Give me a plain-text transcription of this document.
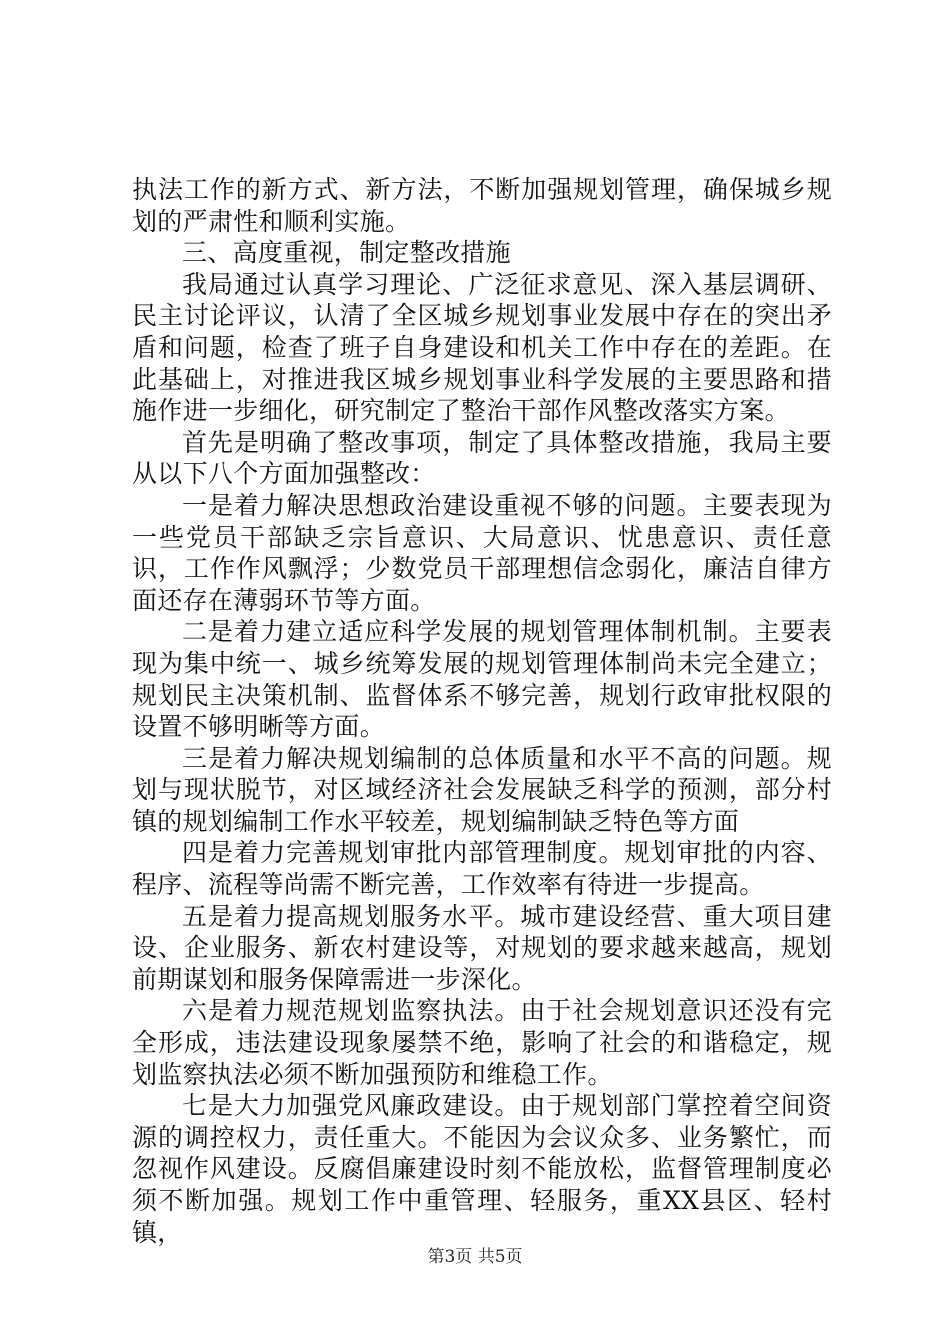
执法工作的新方式、新方法，不断加强规划管理，确保城乡规划的严肃性和顺利实施。

三、高度重视，制定整改措施

我局通过认真学习理论、广泛征求意见、深入基层调研、民主讨论评议，认清了全区城乡规划事业发展中存在的突出矛盾和问题，检查了班子自身建设和机关工作中存在的差距。在此基础上，对推进我区城乡规划事业科学发展的主要思路和措施作进一步细化，研究制定了整治干部作风整改落实方案。

首先是明确了整改事项，制定了具体整改措施，我局主要从以下八个方面加强整改：

一是着力解决思想政治建设重视不够的问题。主要表现为一些党员干部缺乏宗旨意识、大局意识、忧患意识、责任意识，工作作风飘浮；少数党员干部理想信念弱化，廉洁自律方面还存在薄弱环节等方面。

二是着力建立适应科学发展的规划管理体制机制。主要表现为集中统一、城乡统筹发展的规划管理体制尚未完全建立；规划民主决策机制、监督体系不够完善，规划行政审批权限的设置不够明晰等方面。

三是着力解决规划编制的总体质量和水平不高的问题。规划与现状脱节，对区域经济社会发展缺乏科学的预测，部分村镇的规划编制工作水平较差，规划编制缺乏特色等方面

四是着力完善规划审批内部管理制度。规划审批的内容、程序、流程等尚需不断完善，工作效率有待进一步提高。

五是着力提高规划服务水平。城市建设经营、重大项目建设、企业服务、新农村建设等，对规划的要求越来越高，规划前期谋划和服务保障需进一步深化。

六是着力规范规划监察执法。由于社会规划意识还没有完全形成，违法建设现象屡禁不绝，影响了社会的和谐稳定，规划监察执法必须不断加强预防和维稳工作。

七是大力加强党风廉政建设。由于规划部门掌控着空间资源的调控权力，责任重大。不能因为会议众多、业务繁忙，而忽视作风建设。反腐倡廉建设时刻不能放松，监督管理制度必须不断加强。规划工作中重管理、轻服务，重XX县区、轻村镇，

第3页 共5页
